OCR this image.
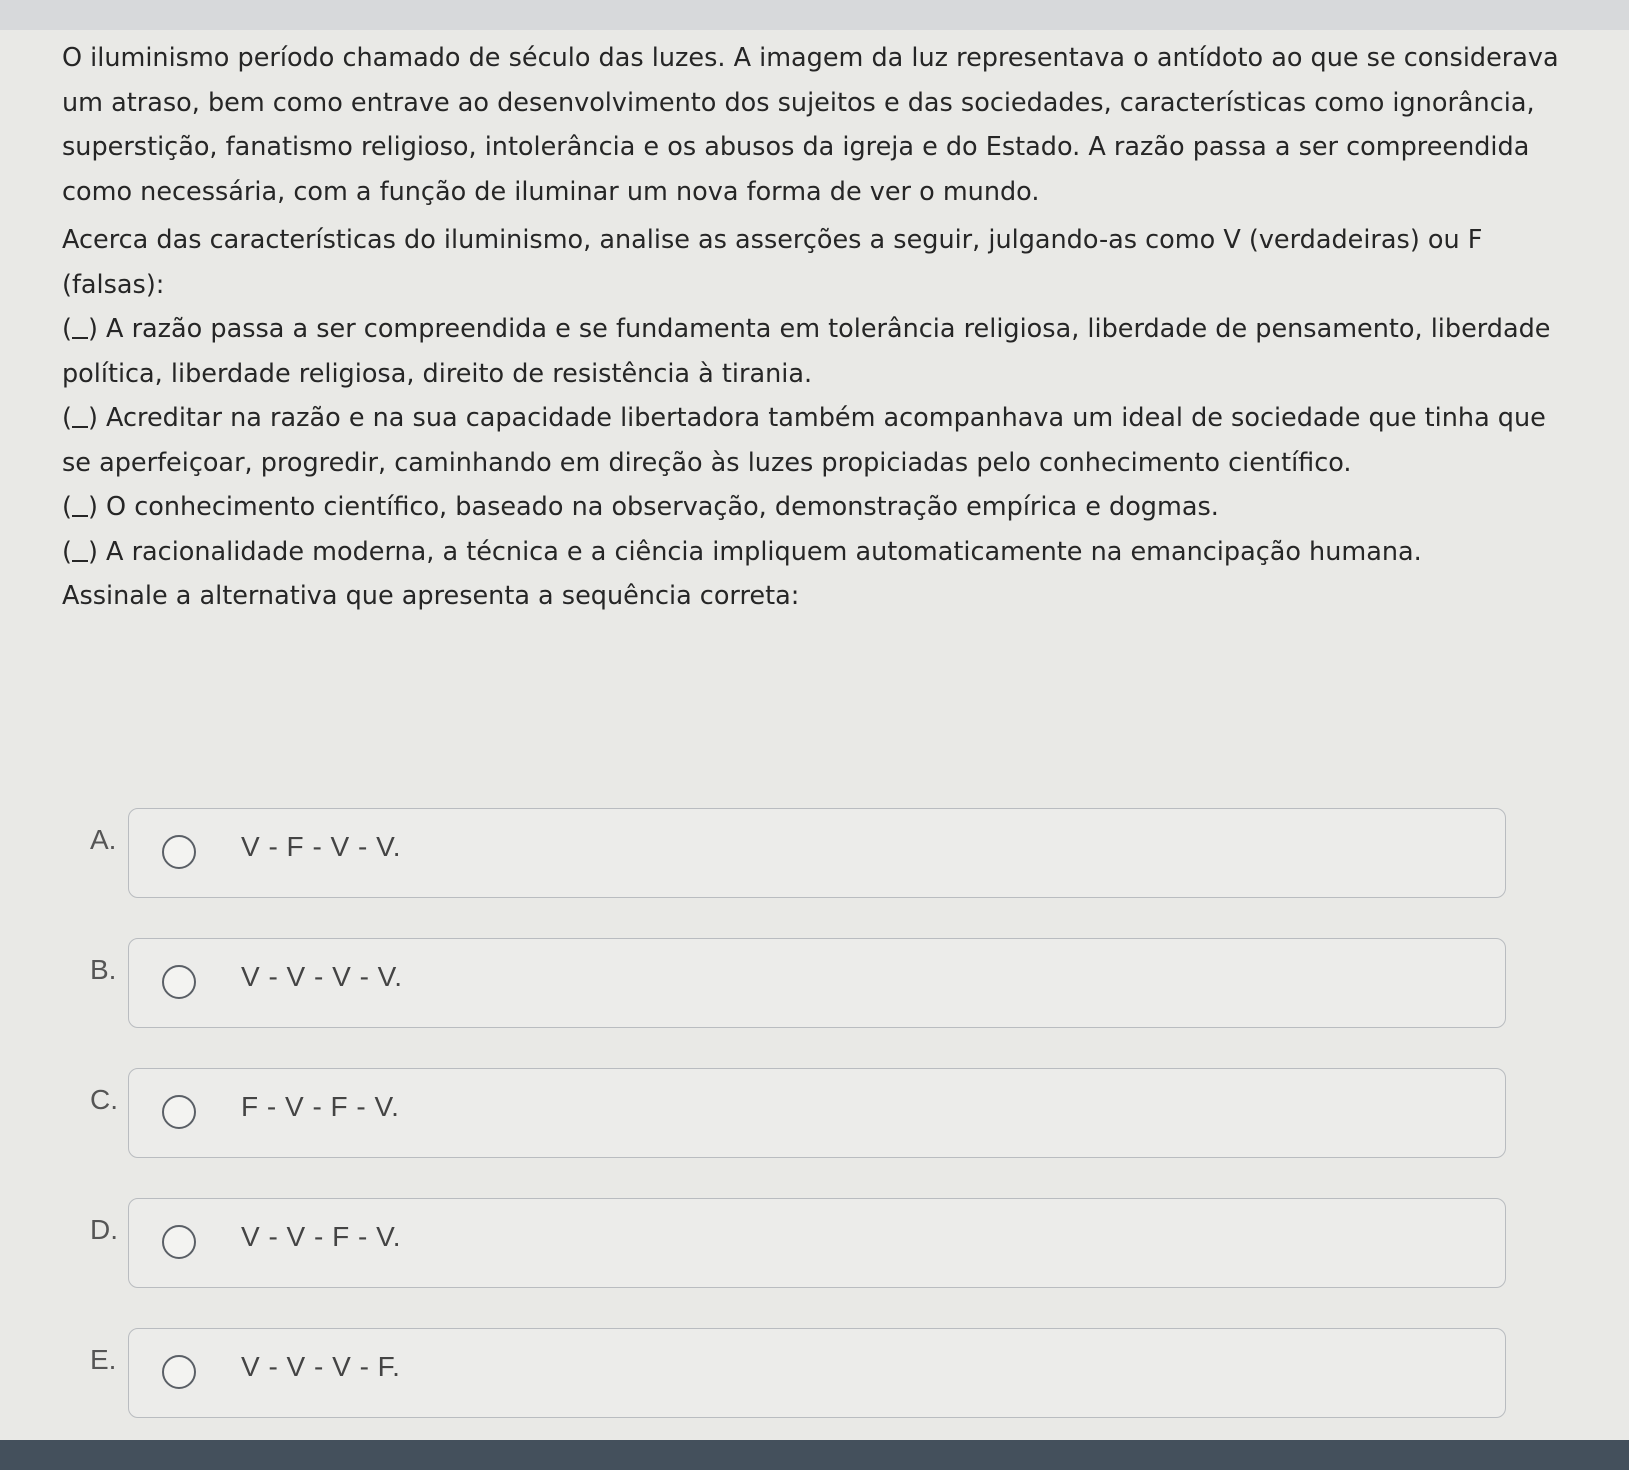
O iluminismo período chamado de século das luzes. A imagem da luz representava o antídoto ao que se considerava um atraso, bem como entrave ao desenvolvimento dos sujeitos e das sociedades, características como ignorância, superstição, fanatismo religioso, intolerância e os abusos da igreja e do Estado. A razão passa a ser compreendida como necessária, com a função de iluminar um nova forma de ver o mundo.

Acerca das características do iluminismo, analise as asserções a seguir, julgando-as como V (verdadeiras) ou F (falsas):

( ) A razão passa a ser compreendida e se fundamenta em tolerância religiosa, liberdade de pensamento, liberdade política, liberdade religiosa, direito de resistência à tirania.

( ) Acreditar na razão e na sua capacidade libertadora também acompanhava um ideal de sociedade que tinha que se aperfeiçoar, progredir, caminhando em direção às luzes propiciadas pelo conhecimento científico.

( ) O conhecimento científico, baseado na observação, demonstração empírica e dogmas.

( ) A racionalidade moderna, a técnica e a ciência impliquem automaticamente na emancipação humana.

Assinale a alternativa que apresenta a sequência correta:

A.	V - F - V - V.
B.	V - V - V - V.
C.	F - V - F - V.
D.	V - V - F - V.
E.	V - V - V - F.
